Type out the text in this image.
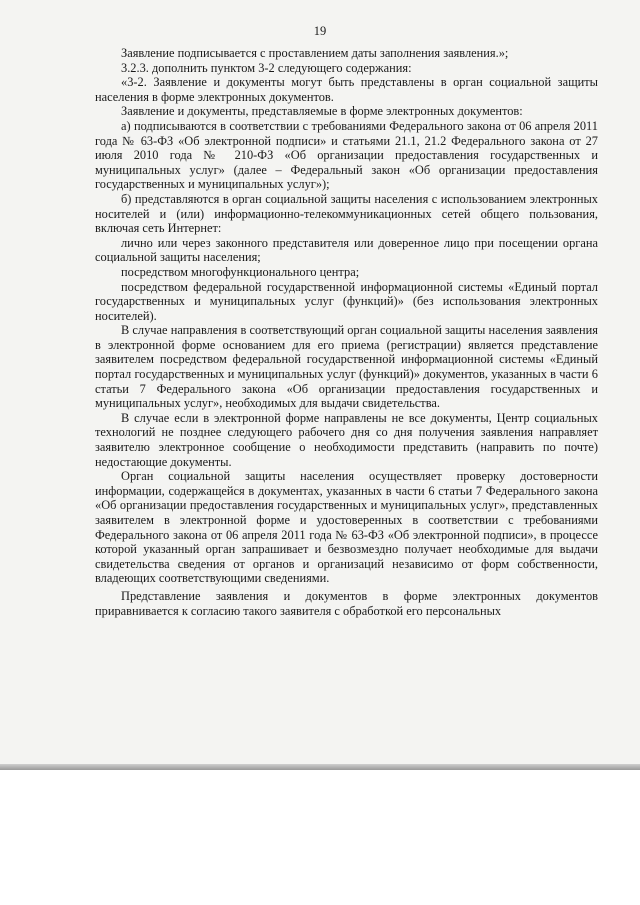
19

Заявление подписывается с проставлением даты заполнения заявления.»;

3.2.3. дополнить пунктом 3-2 следующего содержания:

«3-2. Заявление и документы могут быть представлены в орган социальной защиты населения в форме электронных документов.

Заявление и документы, представляемые в форме электронных документов:

а) подписываются в соответствии с требованиями Федерального закона от 06 апреля 2011 года № 63-ФЗ «Об электронной подписи» и статьями 21.1, 21.2 Федерального закона от 27 июля 2010 года № 210-ФЗ «Об организации предоставления государственных и муниципальных услуг» (далее – Федеральный закон «Об организации предоставления государственных и муниципальных услуг»);

б) представляются в орган социальной защиты населения с использованием электронных носителей и (или) информационно-телекоммуникационных сетей общего пользования, включая сеть Интернет:

лично или через законного представителя или доверенное лицо при посещении органа социальной защиты населения;

посредством многофункционального центра;

посредством федеральной государственной информационной системы «Единый портал государственных и муниципальных услуг (функций)» (без использования электронных носителей).

В случае направления в соответствующий орган социальной защиты населения заявления в электронной форме основанием для его приема (регистрации) является представление заявителем посредством федеральной государственной информационной системы «Единый портал государственных и муниципальных услуг (функций)» документов, указанных в части 6 статьи 7 Федерального закона «Об организации предоставления государственных и муниципальных услуг», необходимых для выдачи свидетельства.

В случае если в электронной форме направлены не все документы, Центр социальных технологий не позднее следующего рабочего дня со дня получения заявления направляет заявителю электронное сообщение о необходимости представить (направить по почте) недостающие документы.

Орган социальной защиты населения осуществляет проверку достоверности информации, содержащейся в документах, указанных в части 6 статьи 7 Федерального закона «Об организации предоставления государственных и муниципальных услуг», представленных заявителем в электронной форме и удостоверенных в соответствии с требованиями Федерального закона от 06 апреля 2011 года № 63-ФЗ «Об электронной подписи», в процессе которой указанный орган запрашивает и безвозмездно получает необходимые для выдачи свидетельства сведения от органов и организаций независимо от форм собственности, владеющих соответствующими сведениями.

Представление заявления и документов в форме электронных документов приравнивается к согласию такого заявителя с обработкой его персональных
